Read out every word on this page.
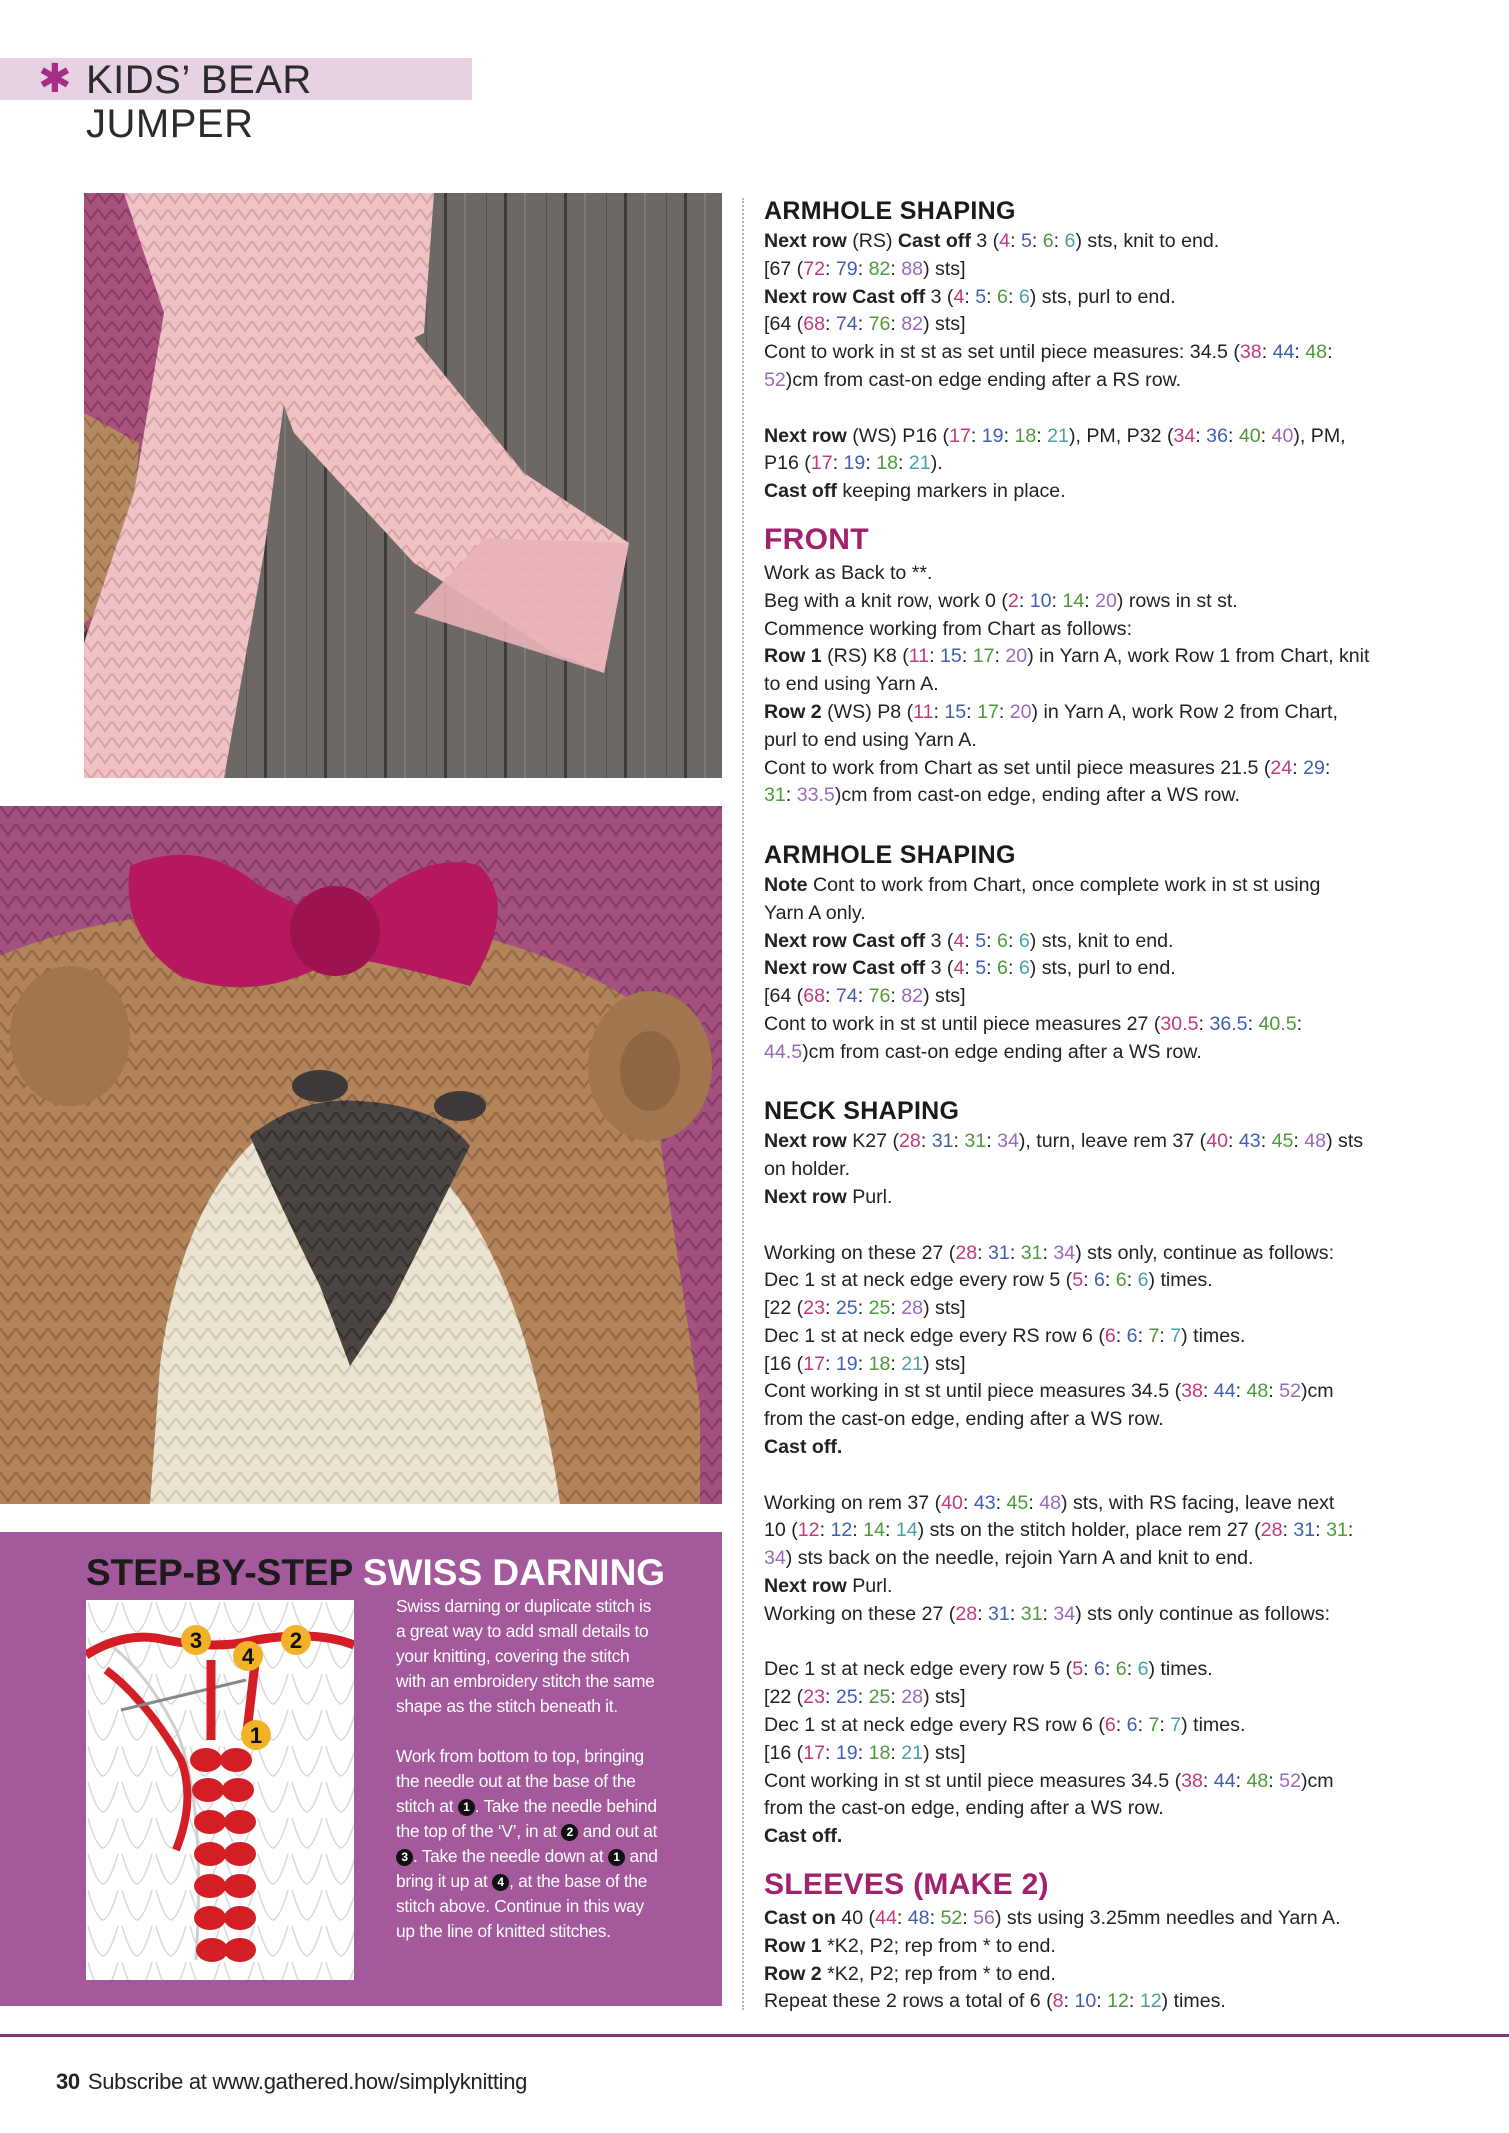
✱ KIDS’ BEAR JUMPER
ARMHOLE SHAPING

Next row (RS) Cast off 3 (4: 5: 6: 6) sts, knit to end.

[67 (72: 79: 82: 88) sts]

Next row Cast off 3 (4: 5: 6: 6) sts, purl to end.

[64 (68: 74: 76: 82) sts]

Cont to work in st st as set until piece measures: 34.5 (38: 44: 48:

52)cm from cast-on edge ending after a RS row.

Next row (WS) P16 (17: 19: 18: 21), PM, P32 (34: 36: 40: 40), PM,

P16 (17: 19: 18: 21).

Cast off keeping markers in place.

FRONT

Work as Back to **.

Beg with a knit row, work 0 (2: 10: 14: 20) rows in st st.

Commence working from Chart as follows:

Row 1 (RS) K8 (11: 15: 17: 20) in Yarn A, work Row 1 from Chart, knit

to end using Yarn A.

Row 2 (WS) P8 (11: 15: 17: 20) in Yarn A, work Row 2 from Chart,

purl to end using Yarn A.

Cont to work from Chart as set until piece measures 21.5 (24: 29:

31: 33.5)cm from cast-on edge, ending after a WS row.

ARMHOLE SHAPING

Note Cont to work from Chart, once complete work in st st using

Yarn A only.

Next row Cast off 3 (4: 5: 6: 6) sts, knit to end.

Next row Cast off 3 (4: 5: 6: 6) sts, purl to end.

[64 (68: 74: 76: 82) sts]

Cont to work in st st until piece measures 27 (30.5: 36.5: 40.5:

44.5)cm from cast-on edge ending after a WS row.

NECK SHAPING

Next row K27 (28: 31: 31: 34), turn, leave rem 37 (40: 43: 45: 48) sts

on holder.

Next row Purl.

Working on these 27 (28: 31: 31: 34) sts only, continue as follows:

Dec 1 st at neck edge every row 5 (5: 6: 6: 6) times.

[22 (23: 25: 25: 28) sts]

Dec 1 st at neck edge every RS row 6 (6: 6: 7: 7) times.

[16 (17: 19: 18: 21) sts]

Cont working in st st until piece measures 34.5 (38: 44: 48: 52)cm

from the cast-on edge, ending after a WS row.

Cast off.

Working on rem 37 (40: 43: 45: 48) sts, with RS facing, leave next

10 (12: 12: 14: 14) sts on the stitch holder, place rem 27 (28: 31: 31:

34) sts back on the needle, rejoin Yarn A and knit to end.

Next row Purl.

Working on these 27 (28: 31: 31: 34) sts only continue as follows:

Dec 1 st at neck edge every row 5 (5: 6: 6: 6) times.

[22 (23: 25: 25: 28) sts]

Dec 1 st at neck edge every RS row 6 (6: 6: 7: 7) times.

[16 (17: 19: 18: 21) sts]

Cont working in st st until piece measures 34.5 (38: 44: 48: 52)cm

from the cast-on edge, ending after a WS row.

Cast off.

SLEEVES (MAKE 2)

Cast on 40 (44: 48: 52: 56) sts using 3.25mm needles and Yarn A.

Row 1 *K2, P2; rep from * to end.

Row 2 *K2, P2; rep from * to end.

Repeat these 2 rows a total of 6 (8: 10: 12: 12) times.

STEP-BY-STEP SWISS DARNING
3	2
4
1

Swiss darning or duplicate stitch is

a great way to add small details to

your knitting, covering the stitch

with an embroidery stitch the same

shape as the stitch beneath it.

Work from bottom to top, bringing

the needle out at the base of the

stitch at 1 . Take the needle behind

the top of the ‘V’, in at 2 and out at

3 . Take the needle down at 1 and

bring it up at 4 , at the base of the

stitch above. Continue in this way

up the line of knitted stitches.

30 Subscribe at www.gathered.how/simplyknitting
